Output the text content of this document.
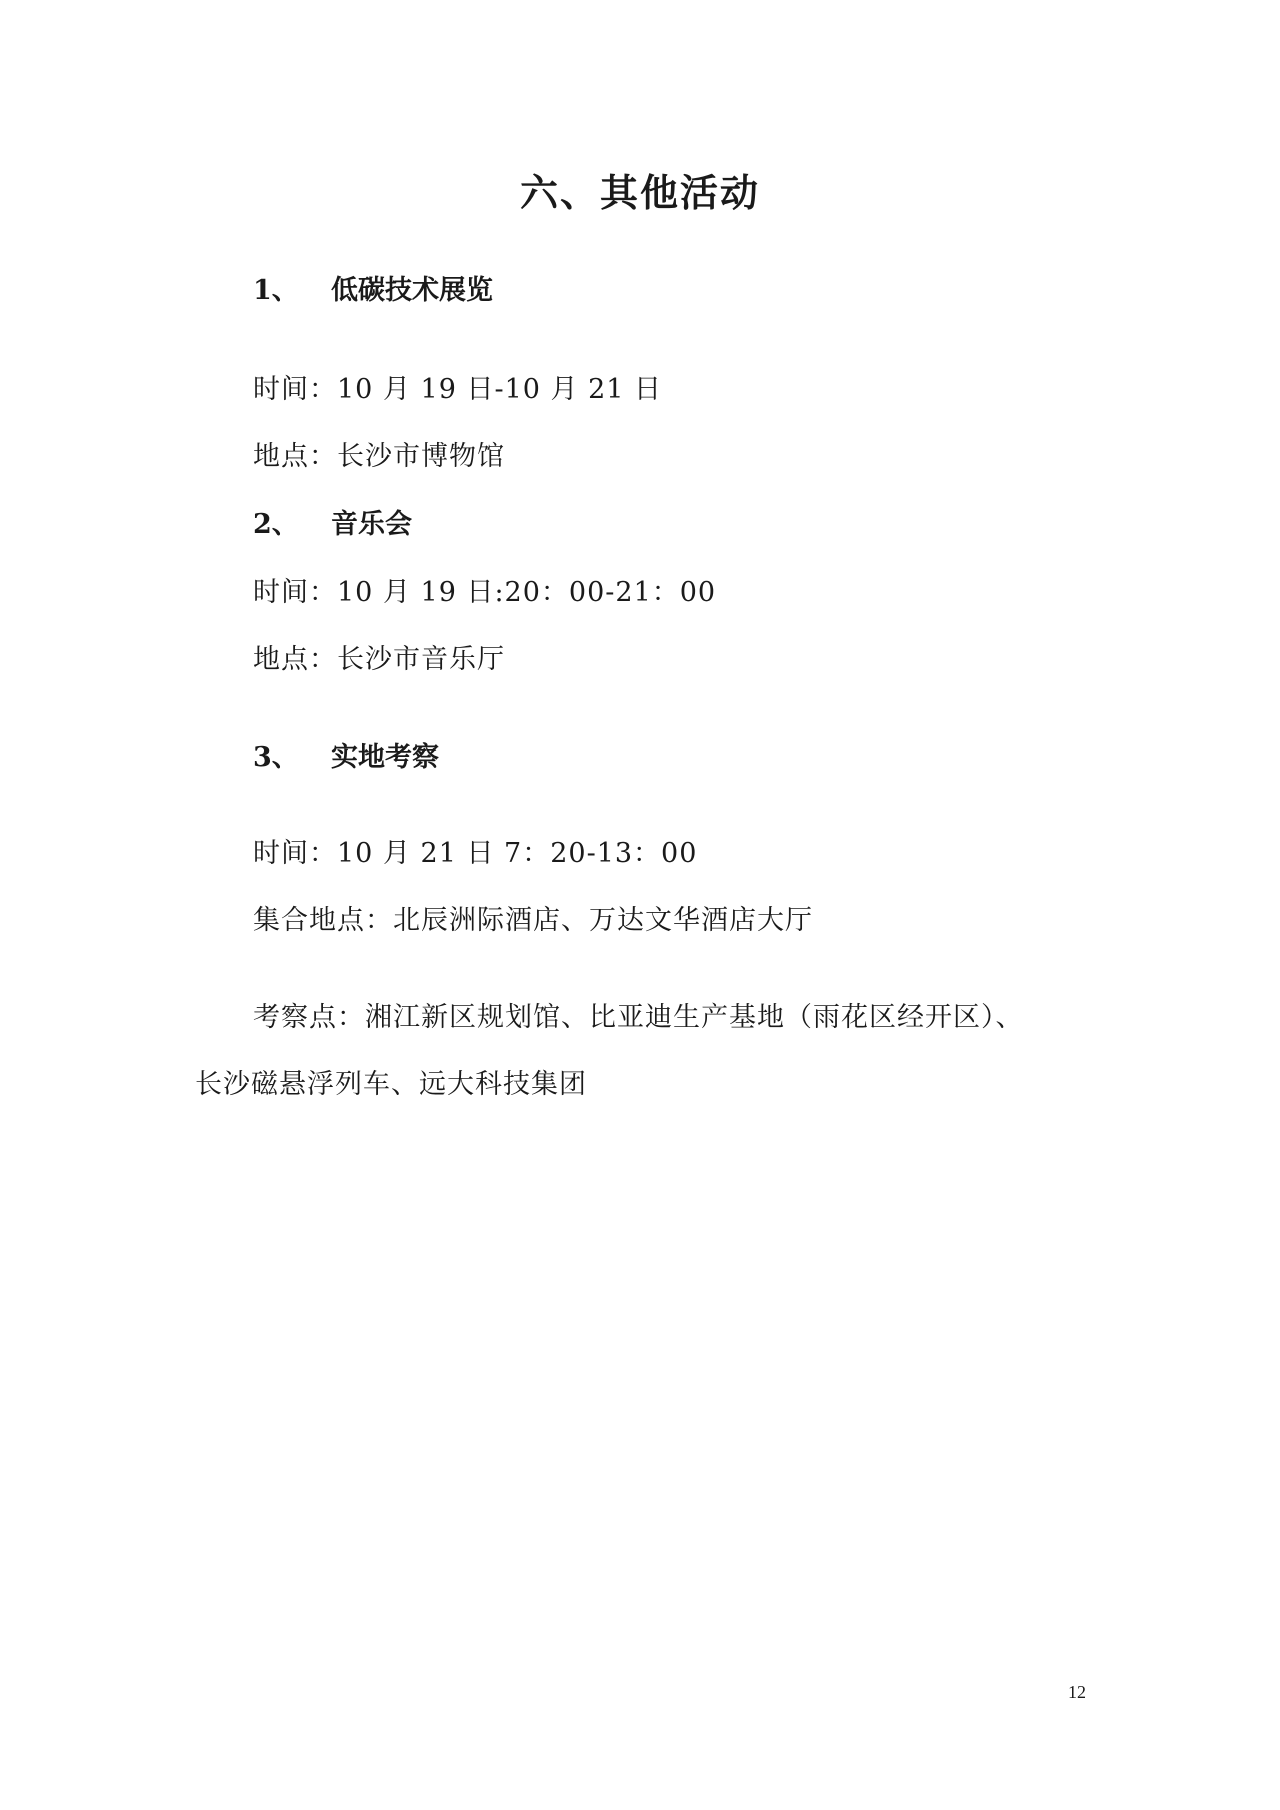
六、其他活动
1、 低碳技术展览
时间：10 月 19 日-10 月 21 日
地点：长沙市博物馆
2、 音乐会
时间：10 月 19 日:20：00-21：00
地点：长沙市音乐厅
3、 实地考察
时间：10 月 21 日 7：20-13：00
集合地点：北辰洲际酒店、万达文华酒店大厅
考察点：湘江新区规划馆、比亚迪生产基地（雨花区经开区）、
长沙磁悬浮列车、远大科技集团
12
